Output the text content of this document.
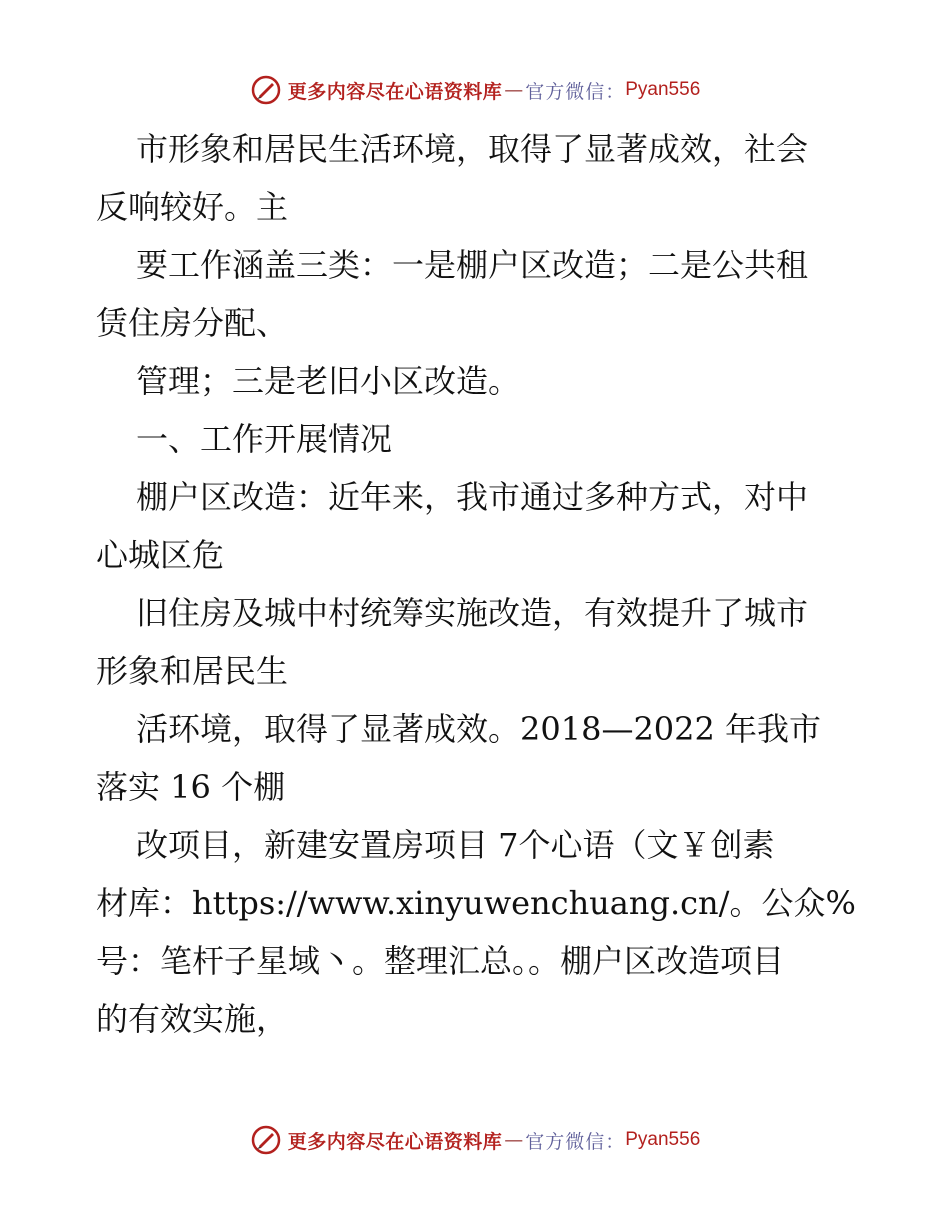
更多内容尽在心语资料库 — 官方微信： Pyan556
市形象和居民生活环境，取得了显著成效，社会
反响较好。主
要工作涵盖三类：一是棚户区改造；二是公共租
赁住房分配、
管理；三是老旧小区改造。
一、工作开展情况
棚户区改造：近年来，我市通过多种方式，对中
心城区危
旧住房及城中村统筹实施改造，有效提升了城市
形象和居民生
活环境，取得了显著成效。2018—2022 年我市
落实 16 个棚
改项目，新建安置房项目 7个心语（文￥创素
材库：https://www.xinyuwenchuang.cn/。公众%
号：笔杆子星域丶。整理汇总。。棚户区改造项目
的有效实施，
更多内容尽在心语资料库 — 官方微信： Pyan556
